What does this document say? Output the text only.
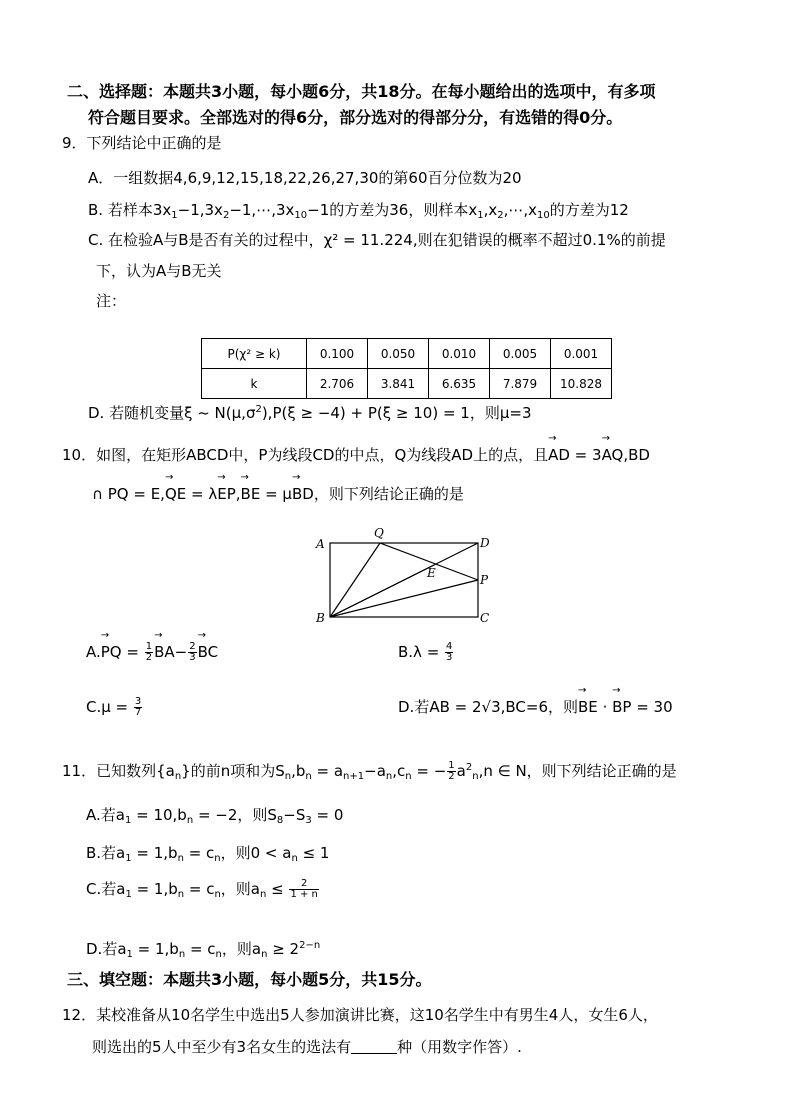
二、选择题：本题共3小题，每小题6分，共18分。在每小题给出的选项中，有多项
符合题目要求。全部选对的得6分，部分选对的得部分分，有选错的得0分。
9．下列结论中正确的是
A．一组数据4,6,9,12,15,18,22,26,27,30的第60百分位数为20
B. 若样本$3x_1-1,3x_2-1,\cdots,3x_{10}-1$的方差为36，则样本$x_1,x_2,\cdots,x_{10}$的方差为12
C. 在检验A与B是否有关的过程中，χ² = 11.224,则在犯错误的概率不超过0.1%的前提
下，认为A与B无关
注：
P(χ² ≥ k)	0.100	0.050	0.010	0.005	0.001
k	2.706	3.841	6.635	7.879	10.828
D. 若随机变量ξ ~ $N(\mu,\sigma^2),P(\xi \ge -4) + P(\xi \ge 10) = 1$，则μ=3
10．如图，在矩形ABCD中，P为线段CD的中点，Q为线段AD上的点，且→ AD = 3→ AQ,BD
∩ PQ = E,→ QE = λ→ EP,→ BE = μ→ BD，则下列结论正确的是
A
Q
D
E	P
B	C
A.→ PQ = $\frac{1}{2} \to BA- \frac{2}{3}$ → BC	$B.\lambda = \frac{4}{3}$
$C.\mu = \frac{3}{7}$	D.若AB = 2√3,BC=6，则→ BE · → BP = 30
11．已知数列$\{a_n\}$的前n项和为$S_n,b_n = a_{n+1}-a_n,c_n$ = − $\frac{1}{2} a^2_n,n$ ∈ N，则下列结论正确的是
A.若$a_1 = 10,b_n = -2$，则$S_8-S_3 = 0$
B.若$a_1 = 1,b_n = c_n$，则$0 < a_n \le 1$
C.若$a_1 = 1,b_n = c_n$，则$a_n \le \frac{2}{1 + n}$
D.若$a_1 = 1,b_n = c_n$，则$a_n \ge 2^{2-n}$
三、填空题：本题共3小题，每小题5分，共15分。
12．某校准备从10名学生中选出5人参加演讲比赛，这10名学生中有男生4人，女生6人，
则选出的5人中至少有3名女生的选法有	种（用数字作答）.
